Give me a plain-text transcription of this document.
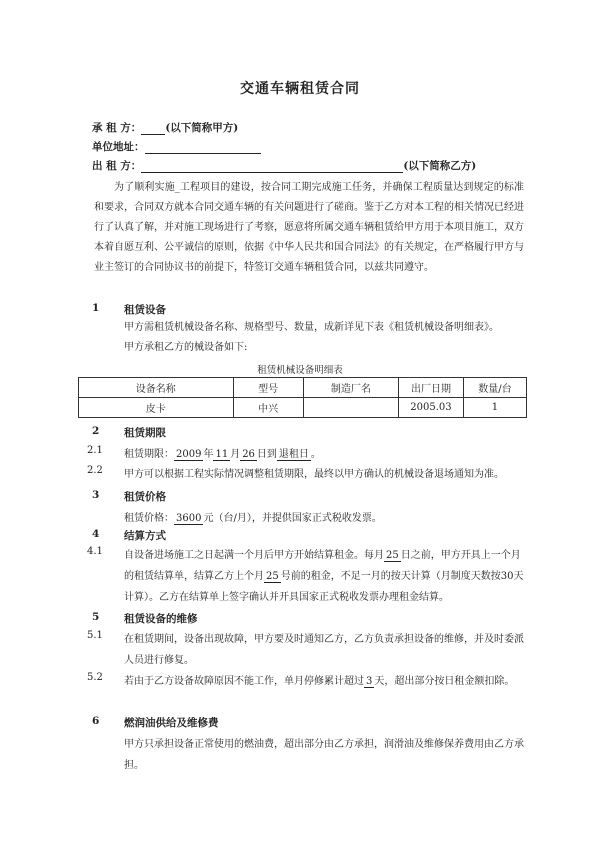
交通车辆租赁合同
承 租 方： (以下简称甲方)
单位地址：
出 租 方：	(以下简称乙方)
为了顺利实施_工程项目的建设，按合同工期完成施工任务，并确保工程质量达到规定的标准和要求，合同双方就本合同交通车辆的有关问题进行了磋商。鉴于乙方对本工程的相关情况已经进行了认真了解，并对施工现场进行了考察，愿意将所属交通车辆租赁给甲方用于本项目施工，双方本着自愿互利、公平诚信的原则，依据《中华人民共和国合同法》的有关规定，在严格履行甲方与业主签订的合同协议书的前提下，特签订交通车辆租赁合同，以兹共同遵守。
1 租赁设备
甲方需租赁机械设备名称、规格型号、数量，成新详见下表《租赁机械设备明细表》。
甲方承租乙方的械设备如下:
租赁机械设备明细表
设备名称	型号	制造厂名	出厂日期	数量/台
皮卡	中兴		2005.03	1
2 租赁期限
2.1 租赁期限： 2009 年 11 月 26 日到 退租日 。
2.2 甲方可以根据工程实际情况调整租赁期限，最终以甲方确认的机械设备退场通知为准。
3 租赁价格
租赁价格： 3600 元（台/月），并提供国家正式税收发票。
4 结算方式
4.1 自设备进场施工之日起满一个月后甲方开始结算租金。每月 25 日之前，甲方开具上一个月的租赁结算单，结算乙方上个月 25 号前的租金，不足一月的按天计算（月制度天数按30天计算）。乙方在结算单上签字确认并开具国家正式税收发票办理租金结算。
5 租赁设备的维修
5.1 在租赁期间，设备出现故障，甲方要及时通知乙方，乙方负责承担设备的维修，并及时委派人员进行修复。
5.2 若由于乙方设备故障原因不能工作，单月停修累计超过 3 天，超出部分按日租金额扣除。
6 燃润油供给及维修费
甲方只承担设备正常使用的燃油费，超出部分由乙方承担，润滑油及维修保养费用由乙方承担。
